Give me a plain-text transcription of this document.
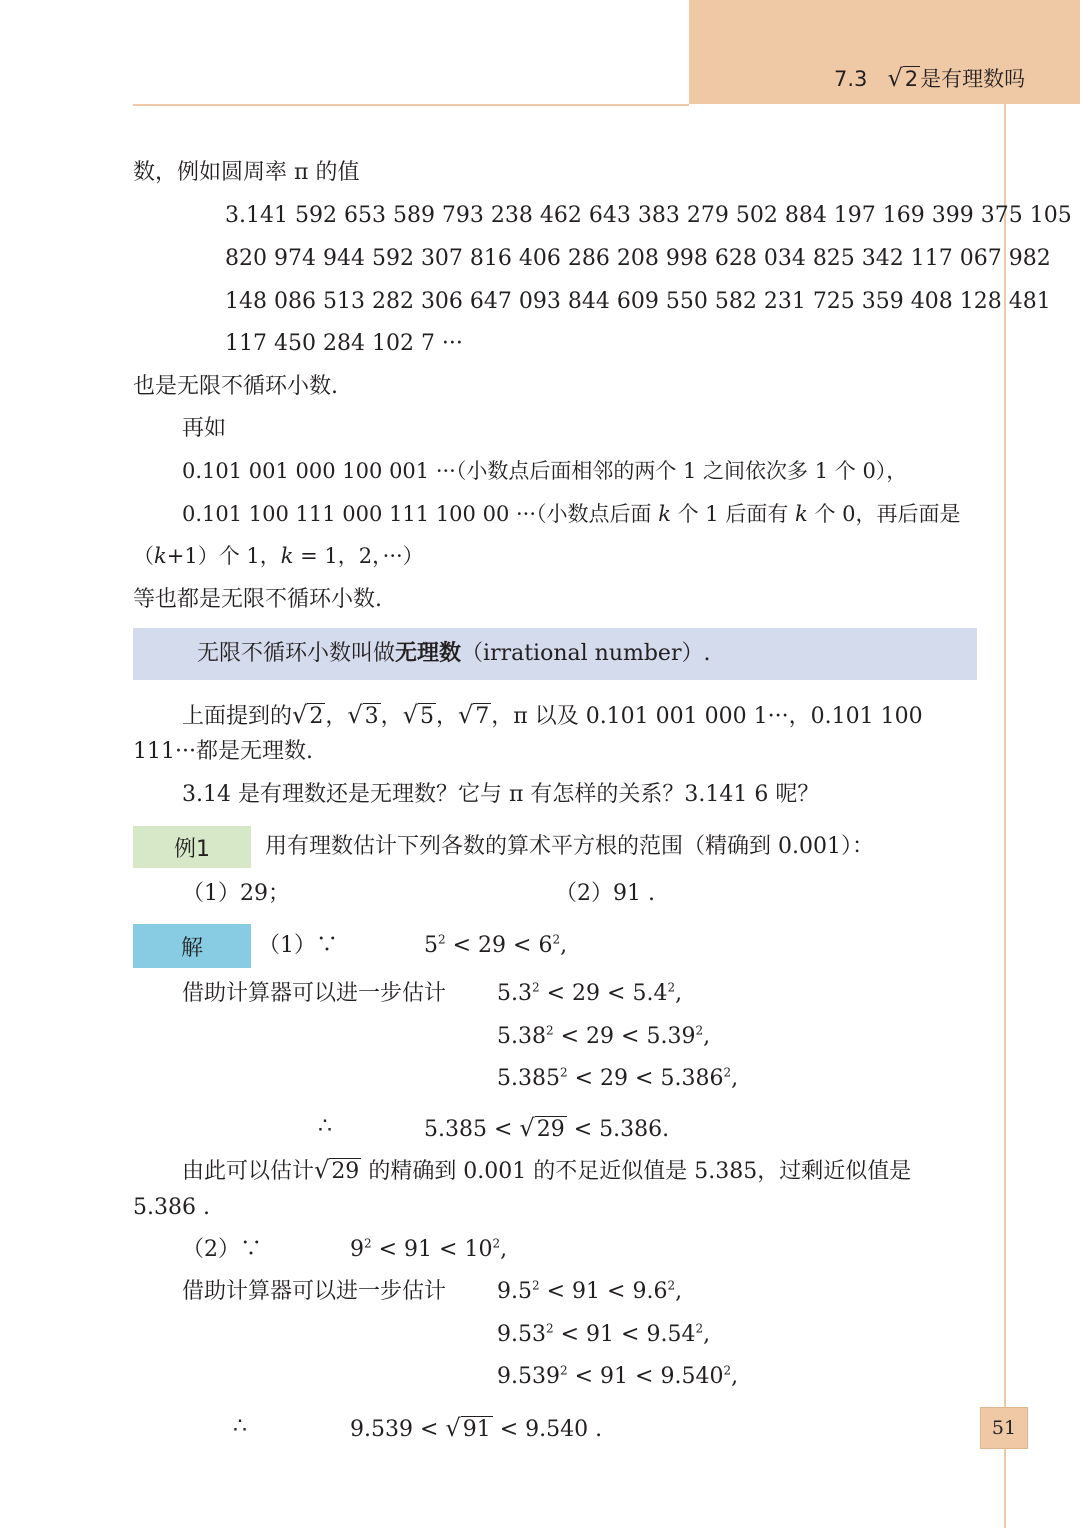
7.3 √2是有理数吗
数，例如圆周率 π 的值
3.141 592 653 589 793 238 462 643 383 279 502 884 197 169 399 375 105
820 974 944 592 307 816 406 286 208 998 628 034 825 342 117 067 982
148 086 513 282 306 647 093 844 609 550 582 231 725 359 408 128 481
117 450 284 102 7 ···
也是无限不循环小数.
再如
0.101 001 000 100 001 ···（小数点后面相邻的两个 1 之间依次多 1 个 0），
0.101 100 111 000 111 100 00 ···（小数点后面 k 个 1 后面有 k 个 0，再后面是
（k+1）个 1，k = 1，2，···）
等也都是无限不循环小数.
无限不循环小数叫做无理数（irrational number）.
上面提到的√2，√3，√5，√7，π 以及 0.101 001 000 1···，0.101 100
111···都是无理数.
3.14 是有理数还是无理数？它与 π 有怎样的关系？3.141 6 呢？
例1	用有理数估计下列各数的算术平方根的范围（精确到 0.001）：
（1）29；	（2）91 .
解	（1）∵	$5^2 < 29 < 6^2$,
借助计算器可以进一步估计 $5.3^2 < 29 < 5.4^2$,
$5.38^2 < 29 < 5.39^2$,
$5.385^2 < 29 < 5.386^2$,
∴	5.385 < √29 < 5.386.
由此可以估计√29 的精确到 0.001 的不足近似值是 5.385，过剩近似值是
5.386 .
（2）∵	$9^2 < 91 < 10^2$,
借助计算器可以进一步估计 $9.5^2 < 91 < 9.6^2$,
$9.53^2 < 91 < 9.54^2$,
$9.539^2 < 91 < 9.540^2$,
∴	9.539 < √91 < 9.540 .	51
